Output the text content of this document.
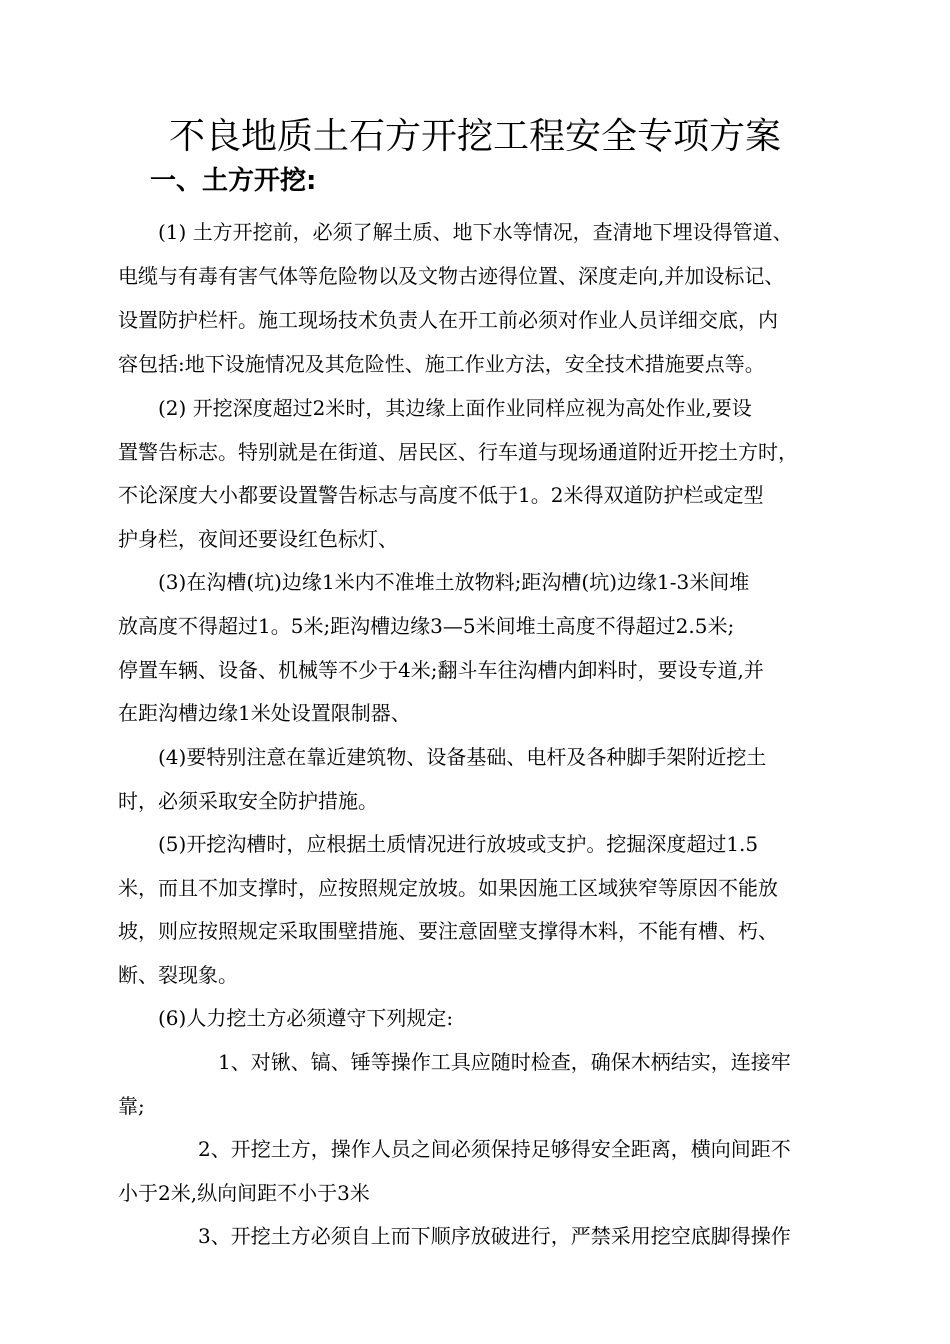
不良地质土石方开挖工程安全专项方案
一、土方开挖:
(1) 土方开挖前，必须了解土质、地下水等情况，查清地下埋设得管道、
电缆与有毒有害气体等危险物以及文物古迹得位置、深度走向,并加设标记、
设置防护栏杆。施工现场技术负责人在开工前必须对作业人员详细交底，内
容包括:地下设施情况及其危险性、施工作业方法，安全技术措施要点等。
(2) 开挖深度超过2米时，其边缘上面作业同样应视为高处作业,要设
置警告标志。特别就是在街道、居民区、行车道与现场通道附近开挖土方时，
不论深度大小都要设置警告标志与高度不低于1。2米得双道防护栏或定型
护身栏，夜间还要设红色标灯、
(3)在沟槽(坑)边缘1米内不准堆土放物料;距沟槽(坑)边缘1-3米间堆
放高度不得超过1。5米;距沟槽边缘3—5米间堆土高度不得超过2.5米;
停置车辆、设备、机械等不少于4米;翻斗车往沟槽内卸料时，要设专道,并
在距沟槽边缘1米处设置限制器、
(4)要特别注意在靠近建筑物、设备基础、电杆及各种脚手架附近挖土
时，必须采取安全防护措施。
(5)开挖沟槽时，应根据土质情况进行放坡或支护。挖掘深度超过1.5
米，而且不加支撑时，应按照规定放坡。如果因施工区域狭窄等原因不能放
坡，则应按照规定采取围壁措施、要注意固壁支撑得木料，不能有槽、朽、
断、裂现象。
(6)人力挖土方必须遵守下列规定:
1、对锹、镐、锤等操作工具应随时检查，确保木柄结实，连接牢
靠;
2、开挖土方，操作人员之间必须保持足够得安全距离，横向间距不
小于2米,纵向间距不小于3米
3、开挖土方必须自上而下顺序放破进行，严禁采用挖空底脚得操作
